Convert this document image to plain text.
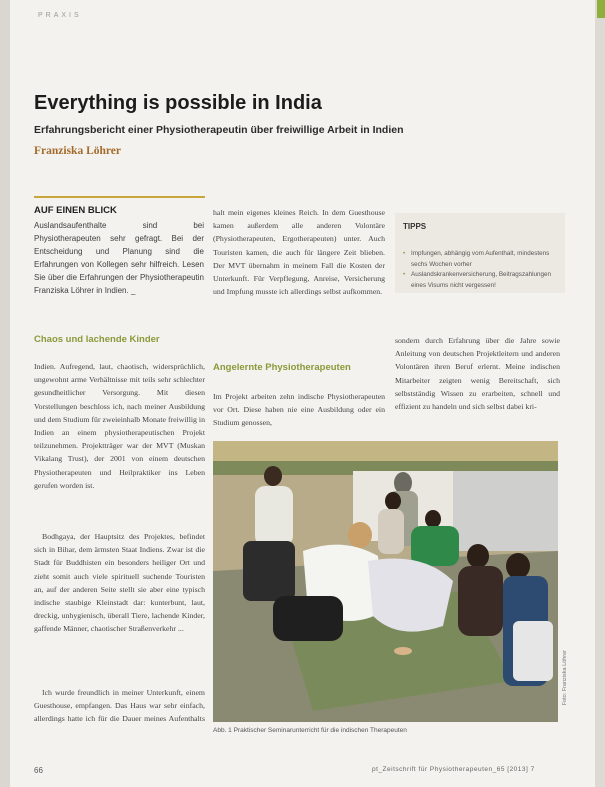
PRAXIS
Everything is possible in India
Erfahrungsbericht einer Physiotherapeutin über freiwillige Arbeit in Indien
Franziska Löhrer
AUF EINEN BLICK
Auslandsaufenthalte sind bei Physiotherapeuten sehr gefragt. Bei der Entscheidung und Planung sind die Erfahrungen von Kollegen sehr hilfreich. Lesen Sie über die Erfahrungen der Physiotherapeutin Franziska Löhrer in Indien. _
Chaos und lachende Kinder
Indien. Aufregend, laut, chaotisch, widersprüchlich, ungewohnt arme Verhältnisse mit teils sehr schlechter gesundheitlicher Versorgung. Mit diesen Vorstellungen beschloss ich, nach meiner Ausbildung und dem Studium für zweieinhalb Monate freiwillig in Indien an einem physiotherapeutischen Projekt teilzunehmen. Projektträger war der MVT (Muskan Vikalang Trust), der 2001 von einem deutschen Physiotherapeuten und Heilpraktiker ins Leben gerufen worden ist.
Bodhgaya, der Hauptsitz des Projektes, befindet sich in Bihar, dem ärmsten Staat Indiens. Zwar ist die Stadt für Buddhisten ein besonders heiliger Ort und zieht somit auch viele spirituell suchende Touristen an, auf der anderen Seite stellt sie aber eine typisch indische staubige Kleinstadt dar: kunterbunt, laut, dreckig, unhygienisch, überall Tiere, lachende Kinder, gaffende Männer, chaotischer Straßenverkehr ...
Ich wurde freundlich in meiner Unterkunft, einem Guesthouse, empfangen. Das Haus war sehr einfach, allerdings hatte ich für die Dauer meines Aufenthalts
halt mein eigenes kleines Reich. In dem Guesthouse kamen außerdem alle anderen Volontäre (Physiotherapeuten, Ergotherapeuten) unter. Auch Touristen kamen, die auch für längere Zeit blieben. Der MVT übernahm in meinem Fall die Kosten der Unterkunft. Für Verpflegung, Anreise, Versicherung und Impfung musste ich allerdings selbst aufkommen.
Angelernte Physiotherapeuten
Im Projekt arbeiten zehn indische Physiotherapeuten vor Ort. Diese haben nie eine Ausbildung oder ein Studium genossen,
TIPPS
• Impfungen, abhängig vom Aufenthalt, mindestens sechs Wochen vorher
• Auslandskrankenversicherung, Beitragszahlungen eines Visums nicht vergessen!
sondern durch Erfahrung über die Jahre sowie Anleitung von deutschen Projektleitern und anderen Volontären ihren Beruf erlernt. Meine indischen Mitarbeiter zeigten wenig Bereitschaft, sich selbstständig Wissen zu erarbeiten, schnell und effizient zu handeln und sich selbst dabei kri-
Foto: Franziska Löhrer
Abb. 1 Praktischer Seminarunterricht für die indischen Therapeuten
66	pt_Zeitschrift für Physiotherapeuten_65 [2013] 7
